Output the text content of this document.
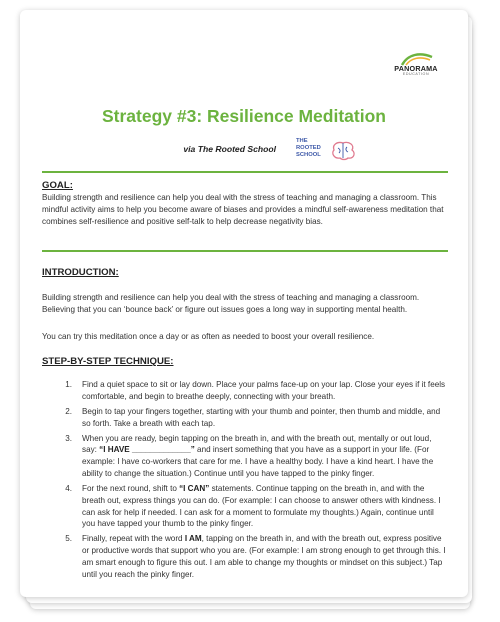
PANORAMA
EDUCATION
Strategy #3: Resilience Meditation
via The Rooted School
THE
ROOTED
SCHOOL
GOAL:

Building strength and resilience can help you deal with the stress of teaching and managing a classroom. This mindful activity aims to help you become aware of biases and provides a mindful self-awareness meditation that combines self-resilience and positive self-talk to help decrease negativity bias.

INTRODUCTION:

Building strength and resilience can help you deal with the stress of teaching and managing a classroom. Believing that you can ‘bounce back’ or figure out issues goes a long way in supporting mental health.

You can try this meditation once a day or as often as needed to boost your overall resilience.

STEP-BY-STEP TECHNIQUE:
1. Find a quiet space to sit or lay down. Place your palms face-up on your lap. Close your eyes if it feels comfortable, and begin to breathe deeply, connecting with your breath.
2. Begin to tap your fingers together, starting with your thumb and pointer, then thumb and middle, and so forth. Take a breath with each tap.
3. When you are ready, begin tapping on the breath in, and with the breath out, mentally or out loud, say: “I HAVE _____________” and insert something that you have as a support in your life. (For example: I have co-workers that care for me. I have a healthy body. I have a kind heart. I have the ability to change the situation.) Continue until you have tapped to the pinky finger.
4. For the next round, shift to “I CAN” statements. Continue tapping on the breath in, and with the breath out, express things you can do. (For example: I can choose to answer others with kindness. I can ask for help if needed. I can ask for a moment to formulate my thoughts.) Again, continue until you have tapped your thumb to the pinky finger.
5. Finally, repeat with the word I AM, tapping on the breath in, and with the breath out, express positive or productive words that support who you are. (For example: I am strong enough to get through this. I am smart enough to figure this out. I am able to change my thoughts or mindset on this subject.) Tap until you reach the pinky finger.
